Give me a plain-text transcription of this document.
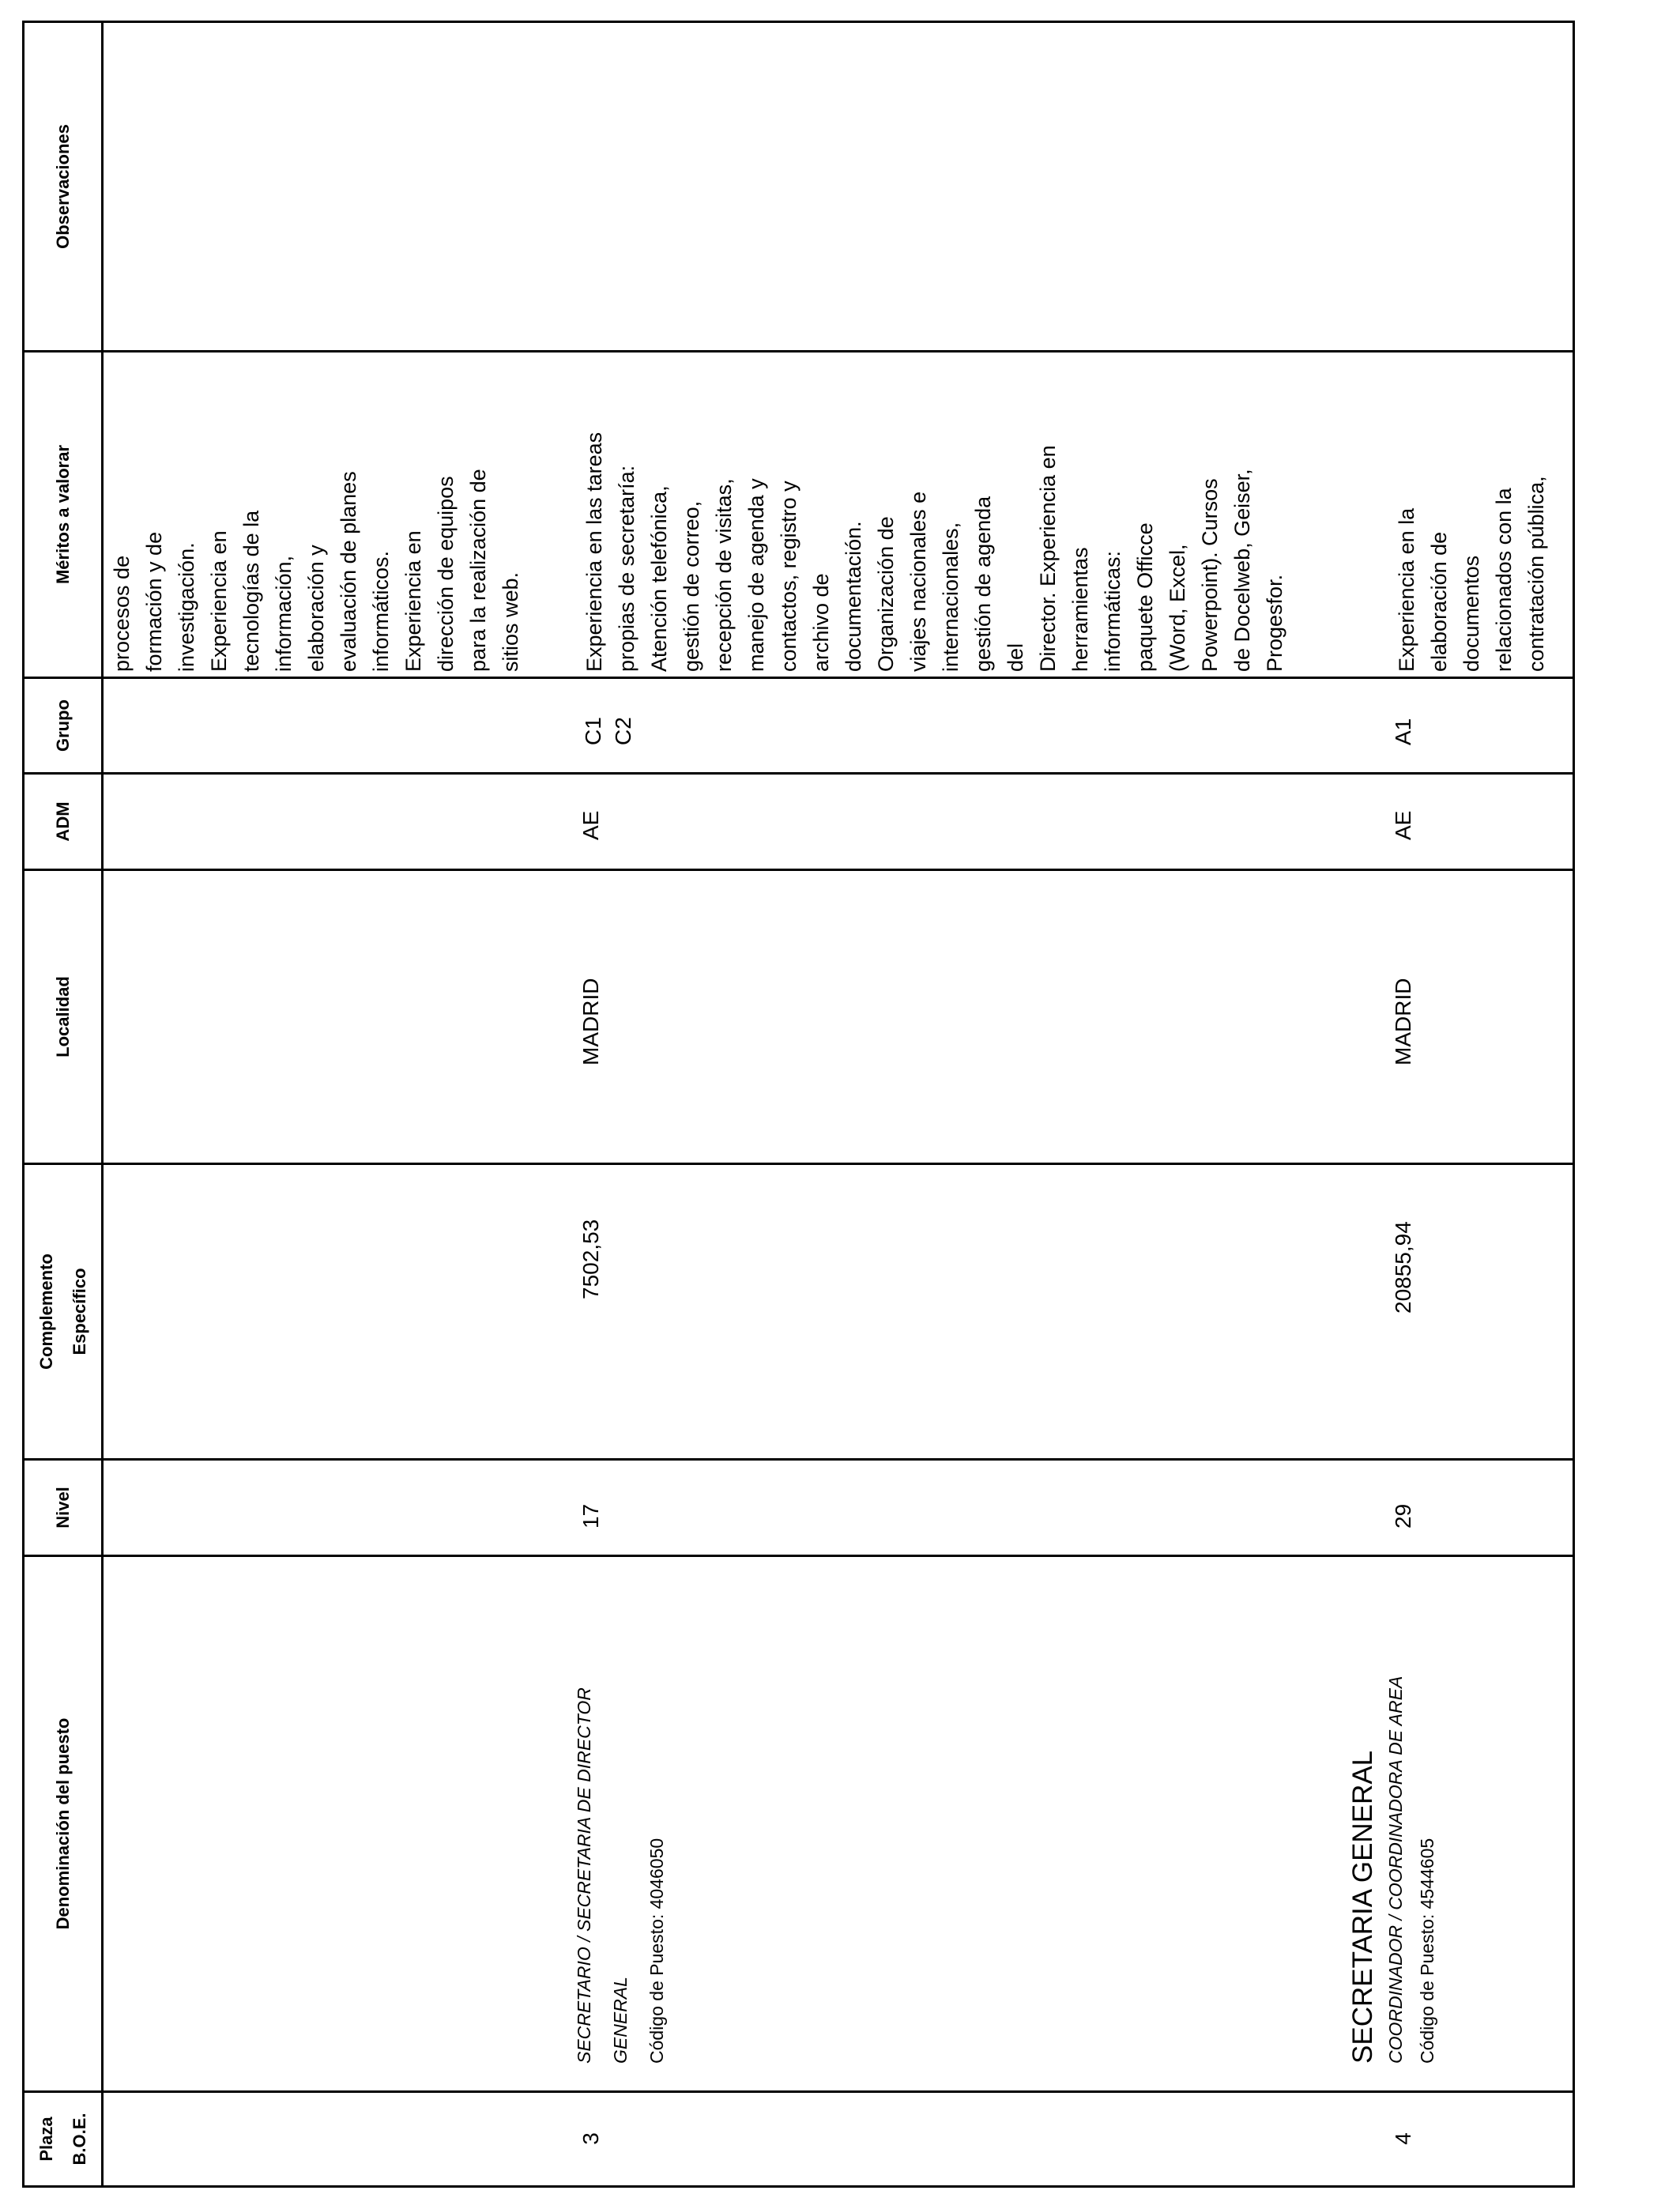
Plaza
B.O.E.
Denominación del puesto
Nivel
Complemento
Específico
Localidad
ADM
Grupo
Méritos a valorar
Observaciones
procesos de
formación y de
investigación.
Experiencia en
tecnologías de la
información,
elaboración y
evaluación de planes
informáticos.
Experiencia en
dirección de equipos
para la realización de
sitios web.
3
SECRETARIO / SECRETARIA DE DIRECTOR
GENERAL Código de Puesto: 4046050
17
7502,53
MADRID
AE
C1
C2
Experiencia en las tareas
propias de secretaría:
Atención telefónica,
gestión de correo,
recepción de visitas,
manejo de agenda y
contactos, registro y
archivo de
documentación.
Organización de
viajes nacionales e
internacionales,
gestión de agenda
del
Director. Experiencia en
herramientas
informáticas:
paquete Officce
(Word, Excel,
Powerpoint). Cursos
de Docelweb, Geiser,
Progesfor.
4
SECRETARIA GENERAL COORDINADOR / COORDINADORA DE AREA Código de Puesto: 4544605
29
20855,94
MADRID
AE
A1
Experiencia en la
elaboración de
documentos
relacionados con la
contratación pública,
